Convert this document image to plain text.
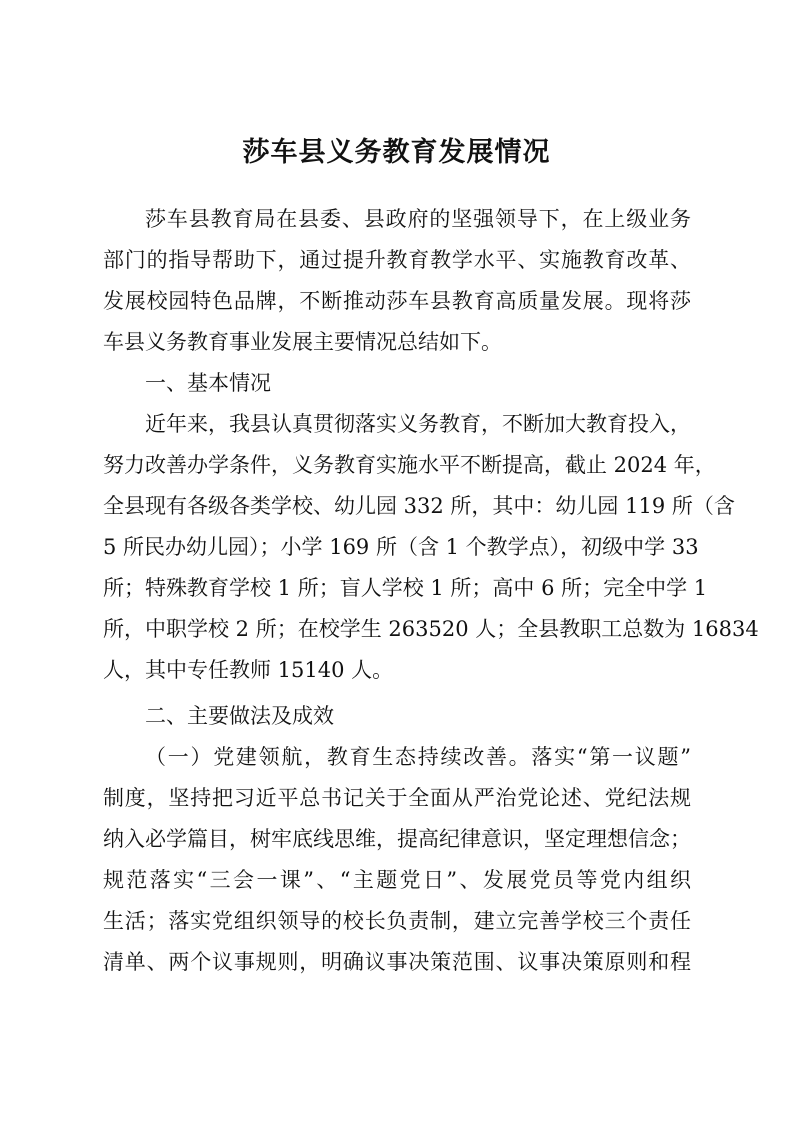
莎车县义务教育发展情况
莎车县教育局在县委、县政府的坚强领导下，在上级业务
部门的指导帮助下，通过提升教育教学水平、实施教育改革、
发展校园特色品牌，不断推动莎车县教育高质量发展。现将莎
车县义务教育事业发展主要情况总结如下。
一、基本情况
近年来，我县认真贯彻落实义务教育，不断加大教育投入，
努力改善办学条件，义务教育实施水平不断提高，截止 2024 年，
全县现有各级各类学校、幼儿园 332 所，其中：幼儿园 119 所（含
5 所民办幼儿园）；小学 169 所（含 1 个教学点），初级中学 33
所；特殊教育学校 1 所；盲人学校 1 所；高中 6 所；完全中学 1
所，中职学校 2 所；在校学生 263520 人；全县教职工总数为 16834
人，其中专任教师 15140 人。
二、主要做法及成效
（一）党建领航，教育生态持续改善。落实“第一议题”
制度，坚持把习近平总书记关于全面从严治党论述、党纪法规
纳入必学篇目，树牢底线思维，提高纪律意识，坚定理想信念；
规范落实“三会一课”、“主题党日”、发展党员等党内组织
生活；落实党组织领导的校长负责制，建立完善学校三个责任
清单、两个议事规则，明确议事决策范围、议事决策原则和程
